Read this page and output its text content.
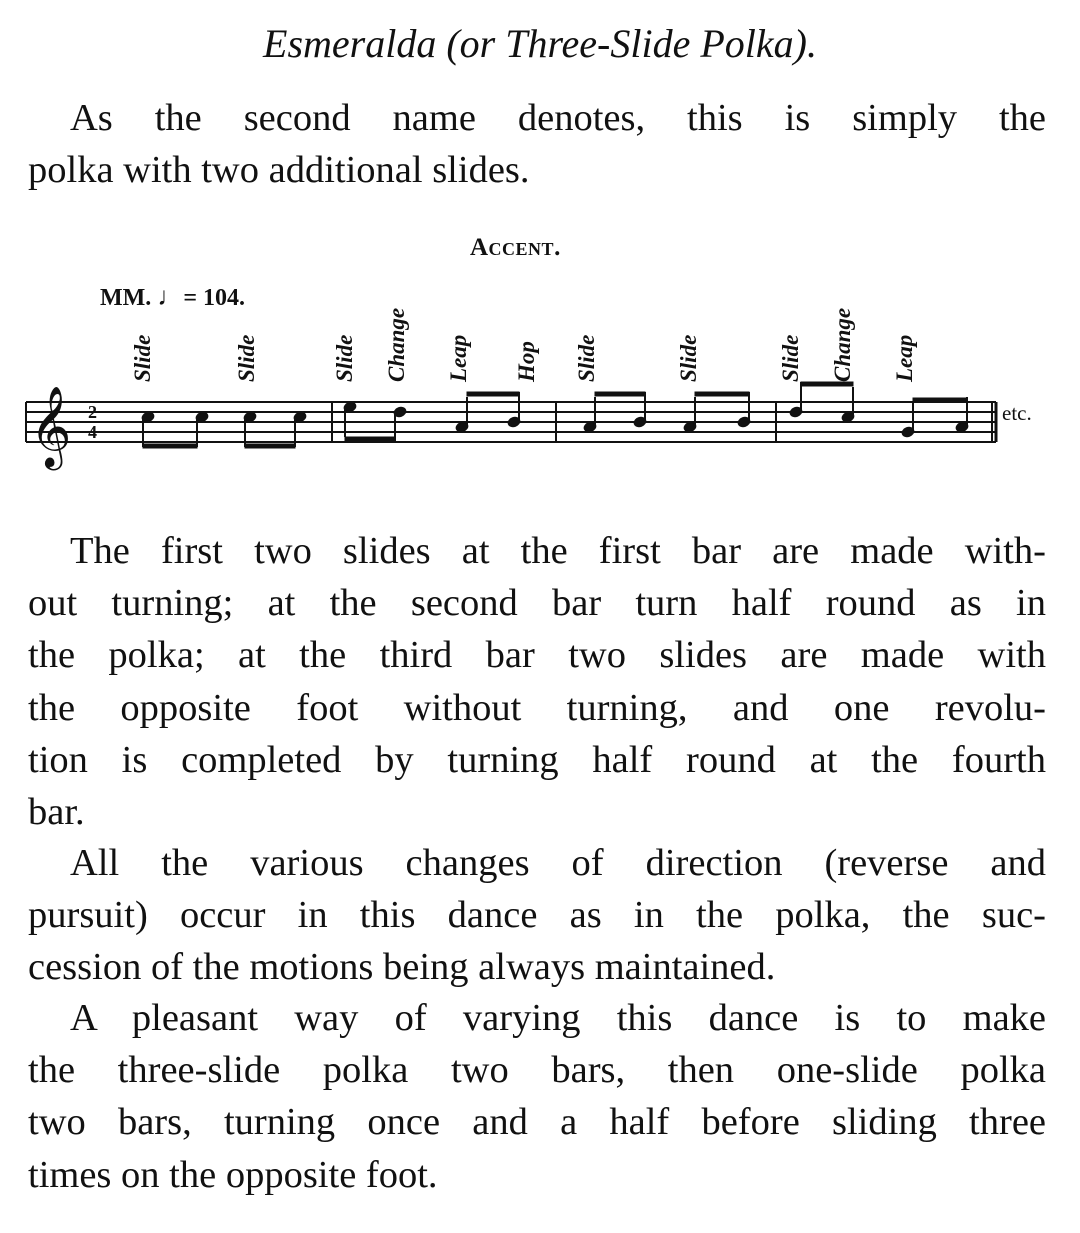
Esmeralda (or Three-Slide Polka).

As the second name denotes, this is simply the
polka with two additional slides.

Accent.
MM. ♩= 104.
Slide	Slide	Slide Change Leap Hop Slide	Slide	Slide Change Leap
𝄞 2
4
etc.

The first two slides at the first bar are made with-
out turning; at the second bar turn half round as in
the polka; at the third bar two slides are made with
the opposite foot without turning, and one revolu-
tion is completed by turning half round at the fourth
bar.

All the various changes of direction (reverse and
pursuit) occur in this dance as in the polka, the suc-
cession of the motions being always maintained.

A pleasant way of varying this dance is to make
the three-slide polka two bars, then one-slide polka
two bars, turning once and a half before sliding three
times on the opposite foot.
